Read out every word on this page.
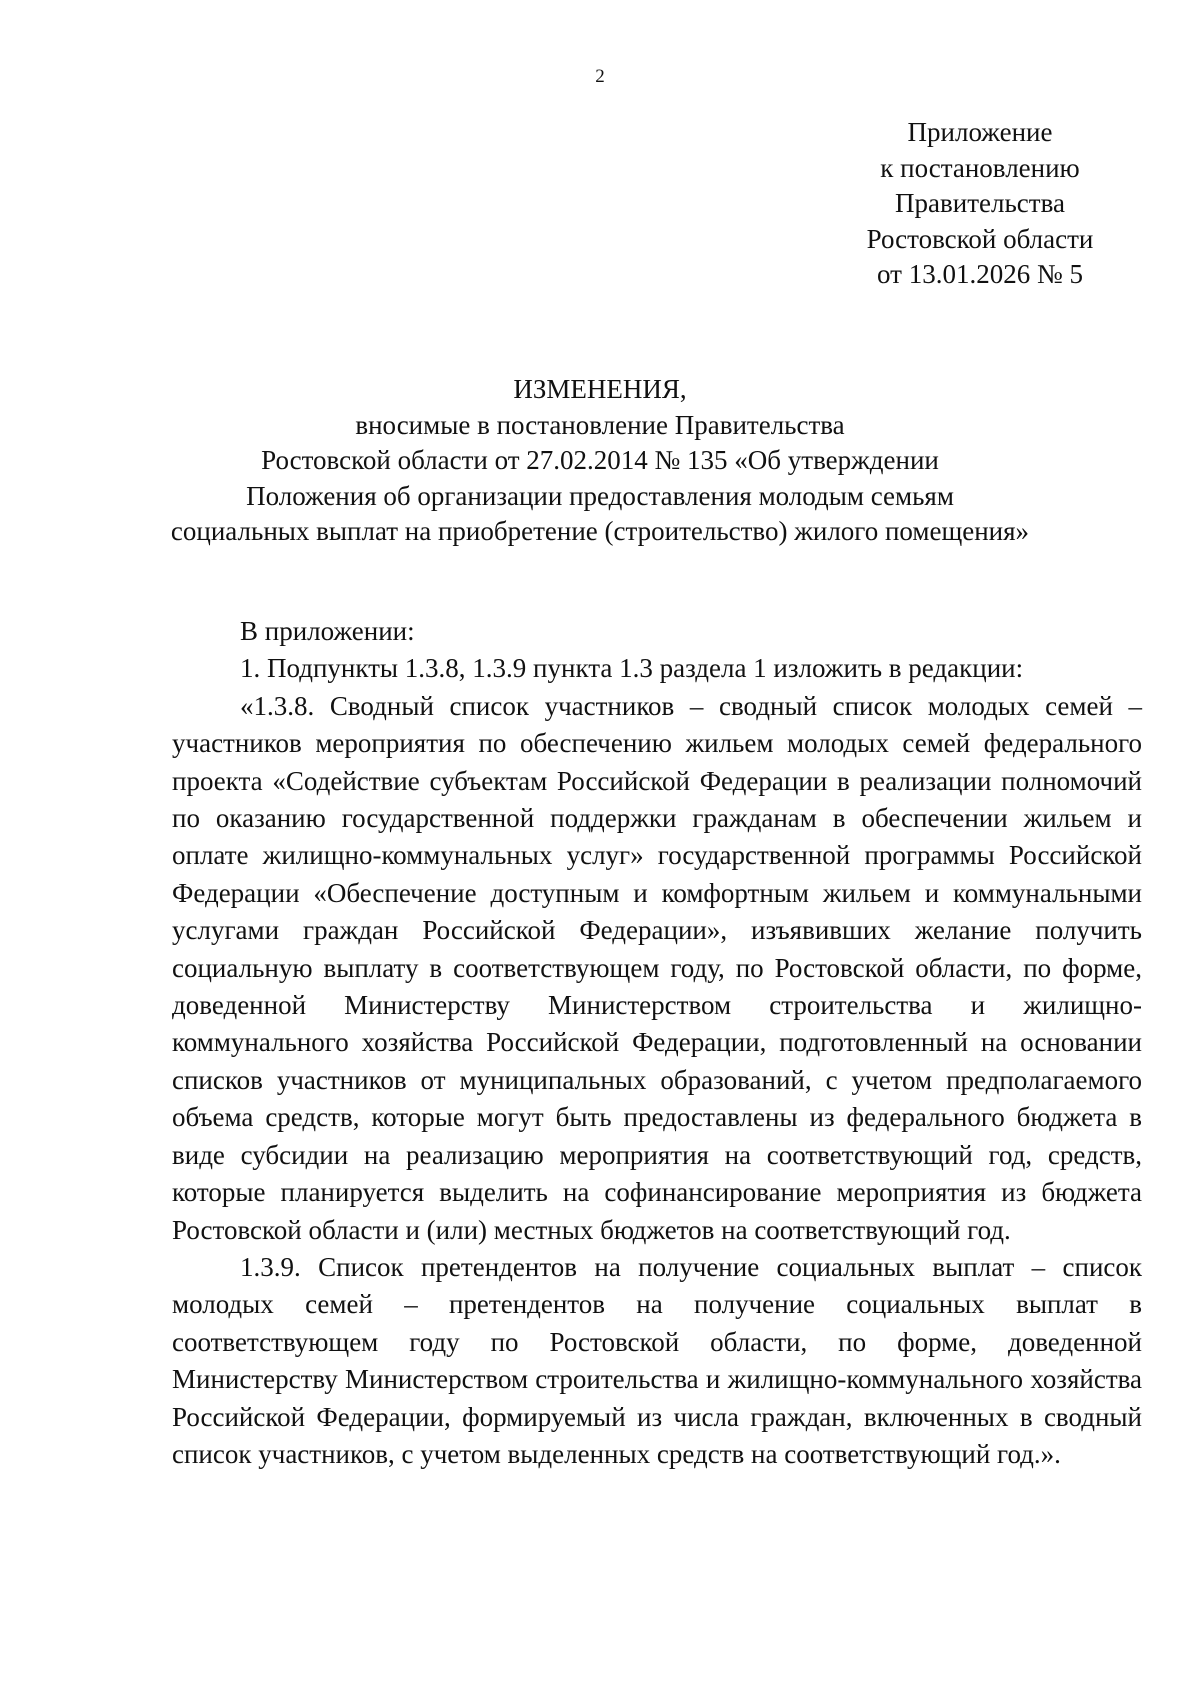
2
Приложение
к постановлению
Правительства
Ростовской области
от 13.01.2026 № 5
ИЗМЕНЕНИЯ,
вносимые в постановление Правительства
Ростовской области от 27.02.2014 № 135 «Об утверждении
Положения об организации предоставления молодым семьям
социальных выплат на приобретение (строительство) жилого помещения»

В приложении:

1. Подпункты 1.3.8, 1.3.9 пункта 1.3 раздела 1 изложить в редакции:

«1.3.8. Сводный список участников – сводный список молодых семей – участников мероприятия по обеспечению жильем молодых семей федерального проекта «Содействие субъектам Российской Федерации в реализации полномочий по оказанию государственной поддержки гражданам в обеспечении жильем и оплате жилищно-коммунальных услуг» государственной программы Российской Федерации «Обеспечение доступным и комфортным жильем и коммунальными услугами граждан Российской Федерации», изъявивших желание получить социальную выплату в соответствующем году, по Ростовской области, по форме, доведенной Министерству Министерством строительства и жилищно-коммунального хозяйства Российской Федерации, подготовленный на основании списков участников от муниципальных образований, с учетом предполагаемого объема средств, которые могут быть предоставлены из федерального бюджета в виде субсидии на реализацию мероприятия на соответствующий год, средств, которые планируется выделить на софинансирование мероприятия из бюджета Ростовской области и (или) местных бюджетов на соответствующий год.

1.3.9. Список претендентов на получение социальных выплат – список молодых семей – претендентов на получение социальных выплат в соответствующем году по Ростовской области, по форме, доведенной Министерству Министерством строительства и жилищно-коммунального хозяйства Российской Федерации, формируемый из числа граждан, включенных в сводный список участников, с учетом выделенных средств на соответствующий год.».
